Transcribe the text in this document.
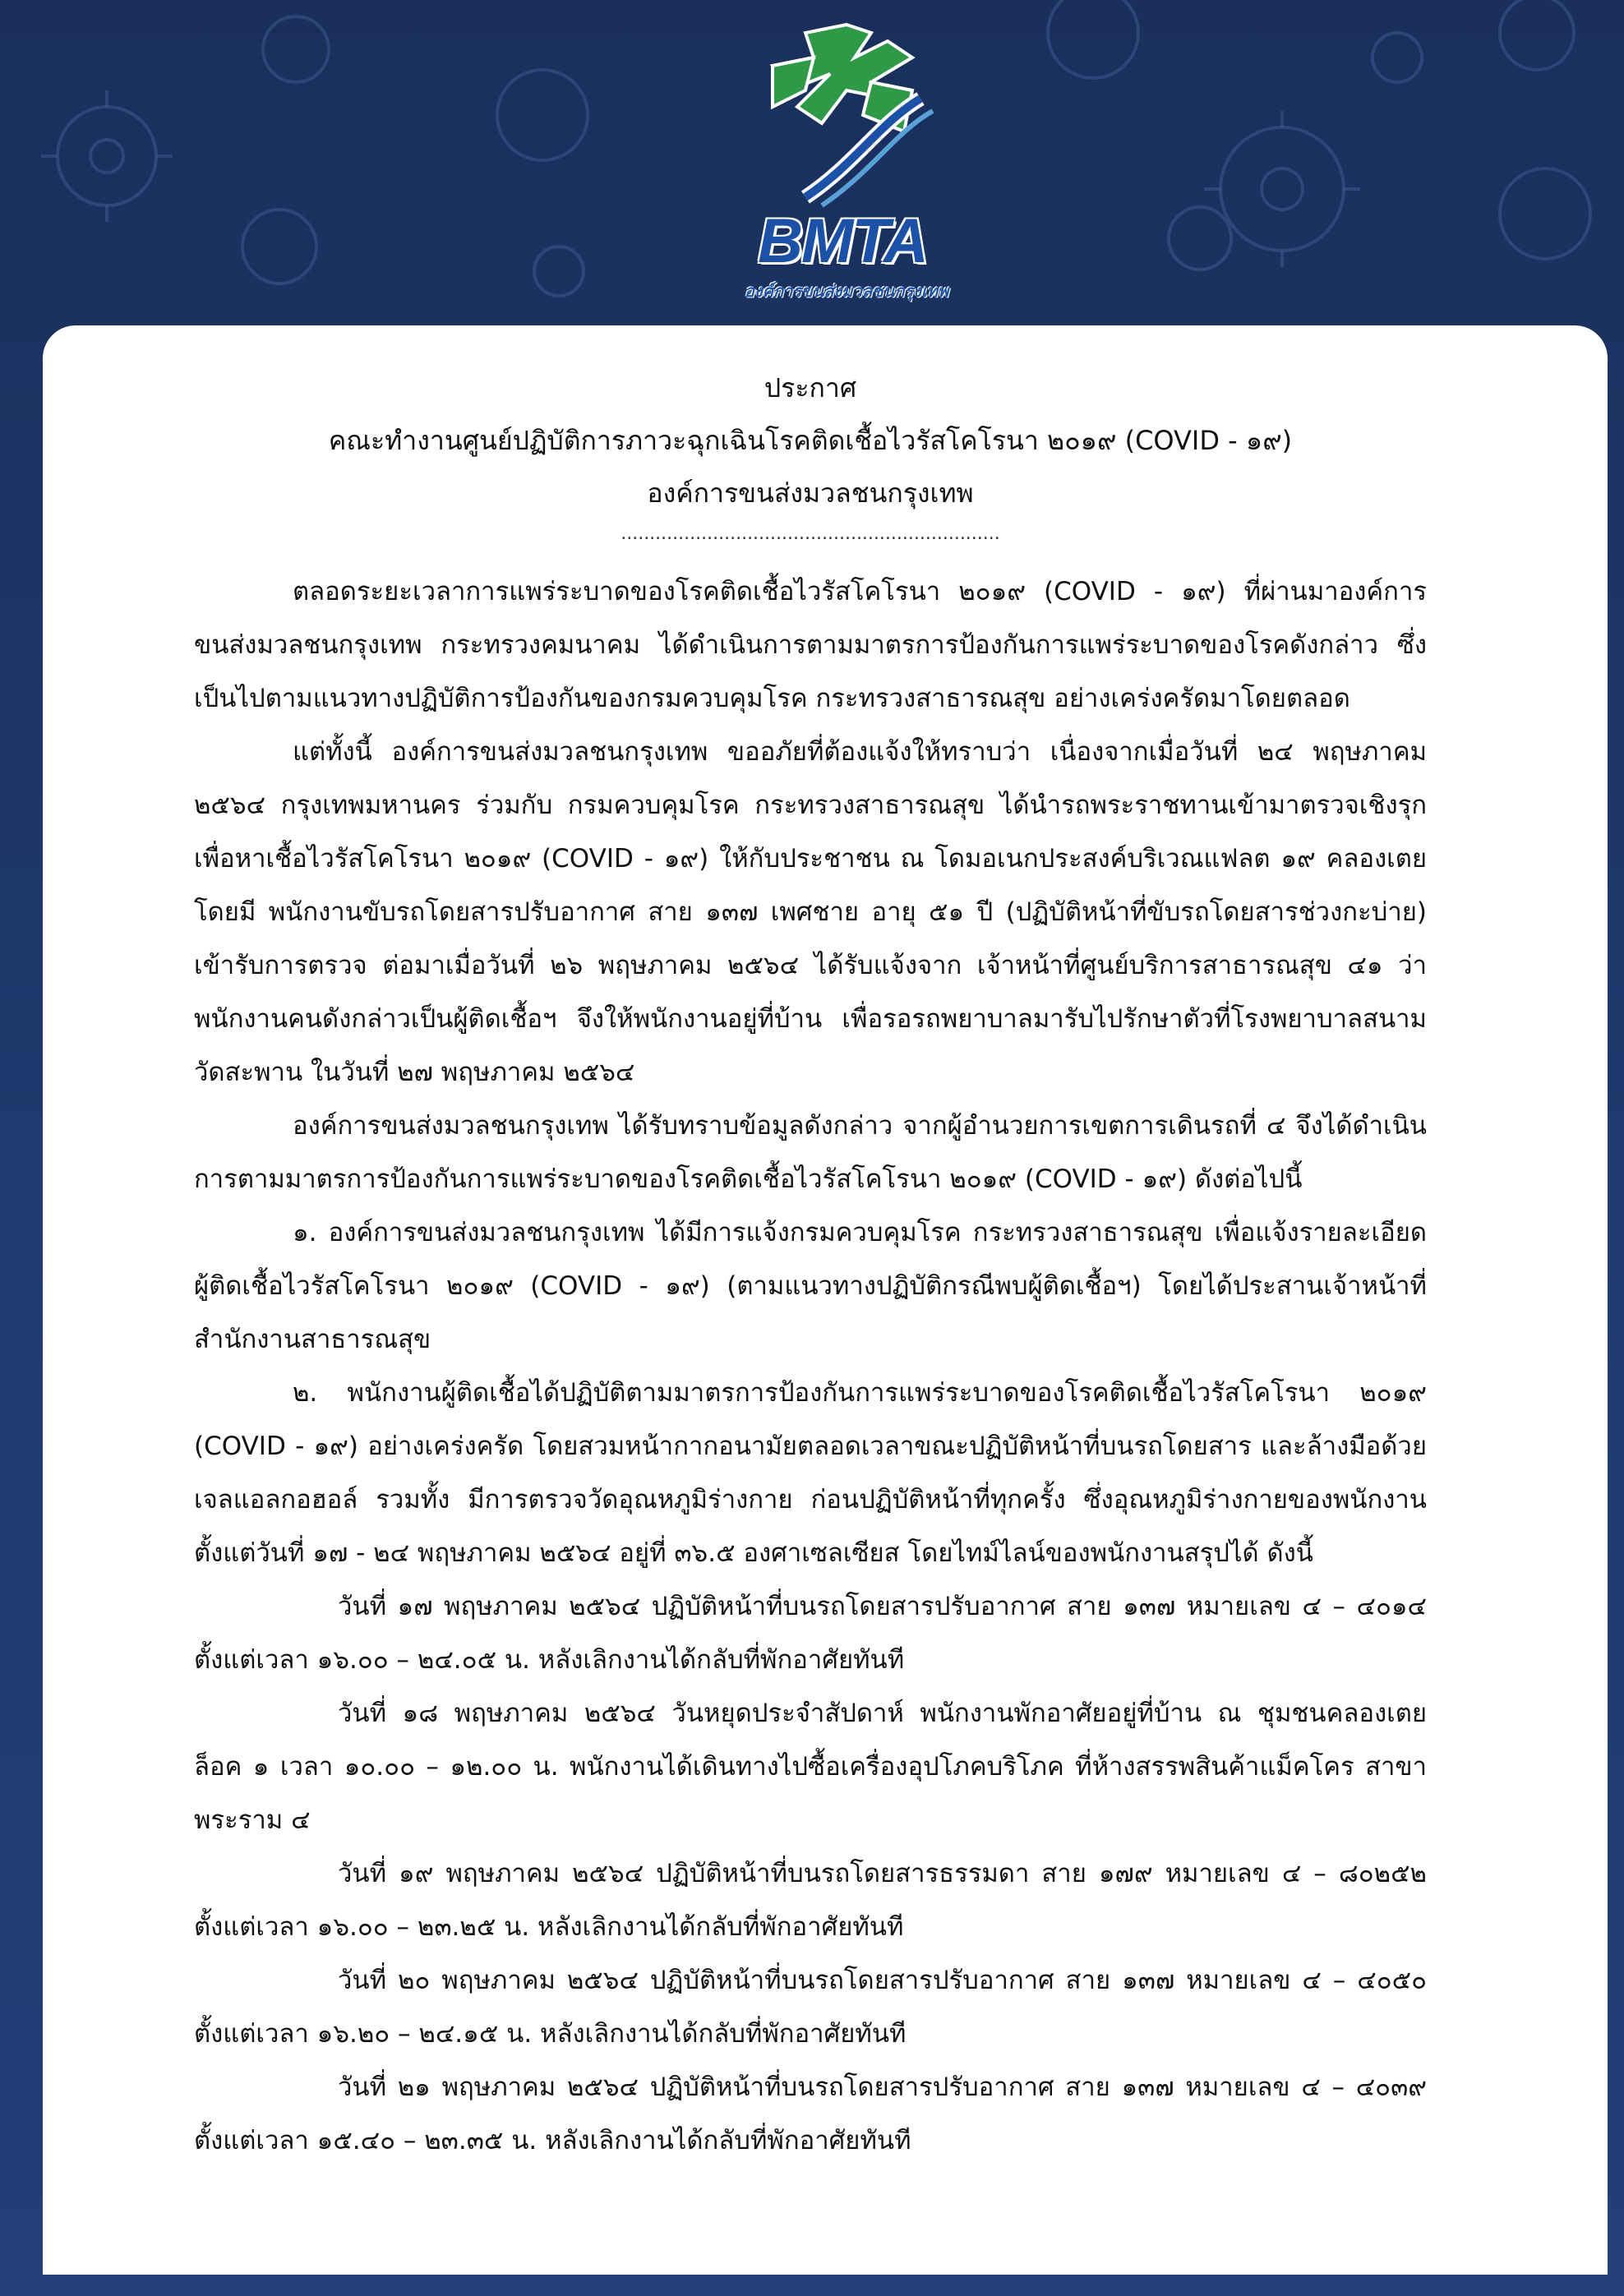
BMTA
องค์การขนส่งมวลชนกรุงเทพ

ประกาศ

คณะทำงานศูนย์ปฏิบัติการภาวะฉุกเฉินโรคติดเชื้อไวรัสโคโรนา ๒๐๑๙ (COVID - ๑๙)

องค์การขนส่งมวลชนกรุงเทพ

..................................................................

ตลอดระยะเวลาการแพร่ระบาดของโรคติดเชื้อไวรัสโคโรนา ๒๐๑๙ (COVID - ๑๙) ที่ผ่านมาองค์การขนส่งมวลชนกรุงเทพ กระทรวงคมนาคม ได้ดำเนินการตามมาตรการป้องกันการแพร่ระบาดของโรคดังกล่าว ซึ่งเป็นไปตามแนวทางปฏิบัติการป้องกันของกรมควบคุมโรค กระทรวงสาธารณสุข อย่างเคร่งครัดมาโดยตลอด

แต่ทั้งนี้ องค์การขนส่งมวลชนกรุงเทพ ขออภัยที่ต้องแจ้งให้ทราบว่า เนื่องจากเมื่อวันที่ ๒๔ พฤษภาคม ๒๕๖๔ กรุงเทพมหานคร ร่วมกับ กรมควบคุมโรค กระทรวงสาธารณสุข ได้นำรถพระราชทานเข้ามาตรวจเชิงรุกเพื่อหาเชื้อไวรัสโคโรนา ๒๐๑๙ (COVID - ๑๙) ให้กับประชาชน ณ โดมอเนกประสงค์บริเวณแฟลต ๑๙ คลองเตย โดยมี พนักงานขับรถโดยสารปรับอากาศ สาย ๑๓๗ เพศชาย อายุ ๕๑ ปี (ปฏิบัติหน้าที่ขับรถโดยสารช่วงกะบ่าย) เข้ารับการตรวจ ต่อมาเมื่อวันที่ ๒๖ พฤษภาคม ๒๕๖๔ ได้รับแจ้งจาก เจ้าหน้าที่ศูนย์บริการสาธารณสุข ๔๑ ว่า พนักงานคนดังกล่าวเป็นผู้ติดเชื้อฯ จึงให้พนักงานอยู่ที่บ้าน เพื่อรอรถพยาบาลมารับไปรักษาตัวที่โรงพยาบาลสนาม วัดสะพาน ในวันที่ ๒๗ พฤษภาคม ๒๕๖๔

องค์การขนส่งมวลชนกรุงเทพ ได้รับทราบข้อมูลดังกล่าว จากผู้อำนวยการเขตการเดินรถที่ ๔ จึงได้ดำเนินการตามมาตรการป้องกันการแพร่ระบาดของโรคติดเชื้อไวรัสโคโรนา ๒๐๑๙ (COVID - ๑๙) ดังต่อไปนี้

๑. องค์การขนส่งมวลชนกรุงเทพ ได้มีการแจ้งกรมควบคุมโรค กระทรวงสาธารณสุข เพื่อแจ้งรายละเอียดผู้ติดเชื้อไวรัสโคโรนา ๒๐๑๙ (COVID - ๑๙) (ตามแนวทางปฏิบัติกรณีพบผู้ติดเชื้อฯ) โดยได้ประสานเจ้าหน้าที่สำนักงานสาธารณสุข

๒. พนักงานผู้ติดเชื้อได้ปฏิบัติตามมาตรการป้องกันการแพร่ระบาดของโรคติดเชื้อไวรัสโคโรนา ๒๐๑๙ (COVID - ๑๙) อย่างเคร่งครัด โดยสวมหน้ากากอนามัยตลอดเวลาขณะปฏิบัติหน้าที่บนรถโดยสาร และล้างมือด้วยเจลแอลกอฮอล์ รวมทั้ง มีการตรวจวัดอุณหภูมิร่างกาย ก่อนปฏิบัติหน้าที่ทุกครั้ง ซึ่งอุณหภูมิร่างกายของพนักงาน ตั้งแต่วันที่ ๑๗ - ๒๔ พฤษภาคม ๒๕๖๔ อยู่ที่ ๓๖.๕ องศาเซลเซียส โดยไทม์ไลน์ของพนักงานสรุปได้ ดังนี้

วันที่ ๑๗ พฤษภาคม ๒๕๖๔ ปฏิบัติหน้าที่บนรถโดยสารปรับอากาศ สาย ๑๓๗ หมายเลข ๔ – ๔๐๑๔ ตั้งแต่เวลา ๑๖.๐๐ – ๒๔.๐๕ น. หลังเลิกงานได้กลับที่พักอาศัยทันที

วันที่ ๑๘ พฤษภาคม ๒๕๖๔ วันหยุดประจำสัปดาห์ พนักงานพักอาศัยอยู่ที่บ้าน ณ ชุมชนคลองเตย ล็อค ๑ เวลา ๑๐.๐๐ – ๑๒.๐๐ น. พนักงานได้เดินทางไปซื้อเครื่องอุปโภคบริโภค ที่ห้างสรรพสินค้าแม็คโคร สาขาพระราม ๔

วันที่ ๑๙ พฤษภาคม ๒๕๖๔ ปฏิบัติหน้าที่บนรถโดยสารธรรมดา สาย ๑๗๙ หมายเลข ๔ – ๘๐๒๕๒ ตั้งแต่เวลา ๑๖.๐๐ – ๒๓.๒๕ น. หลังเลิกงานได้กลับที่พักอาศัยทันที

วันที่ ๒๐ พฤษภาคม ๒๕๖๔ ปฏิบัติหน้าที่บนรถโดยสารปรับอากาศ สาย ๑๓๗ หมายเลข ๔ – ๔๐๕๐ ตั้งแต่เวลา ๑๖.๒๐ – ๒๔.๑๕ น. หลังเลิกงานได้กลับที่พักอาศัยทันที

วันที่ ๒๑ พฤษภาคม ๒๕๖๔ ปฏิบัติหน้าที่บนรถโดยสารปรับอากาศ สาย ๑๓๗ หมายเลข ๔ – ๔๐๓๙ ตั้งแต่เวลา ๑๕.๔๐ – ๒๓.๓๕ น. หลังเลิกงานได้กลับที่พักอาศัยทันที
